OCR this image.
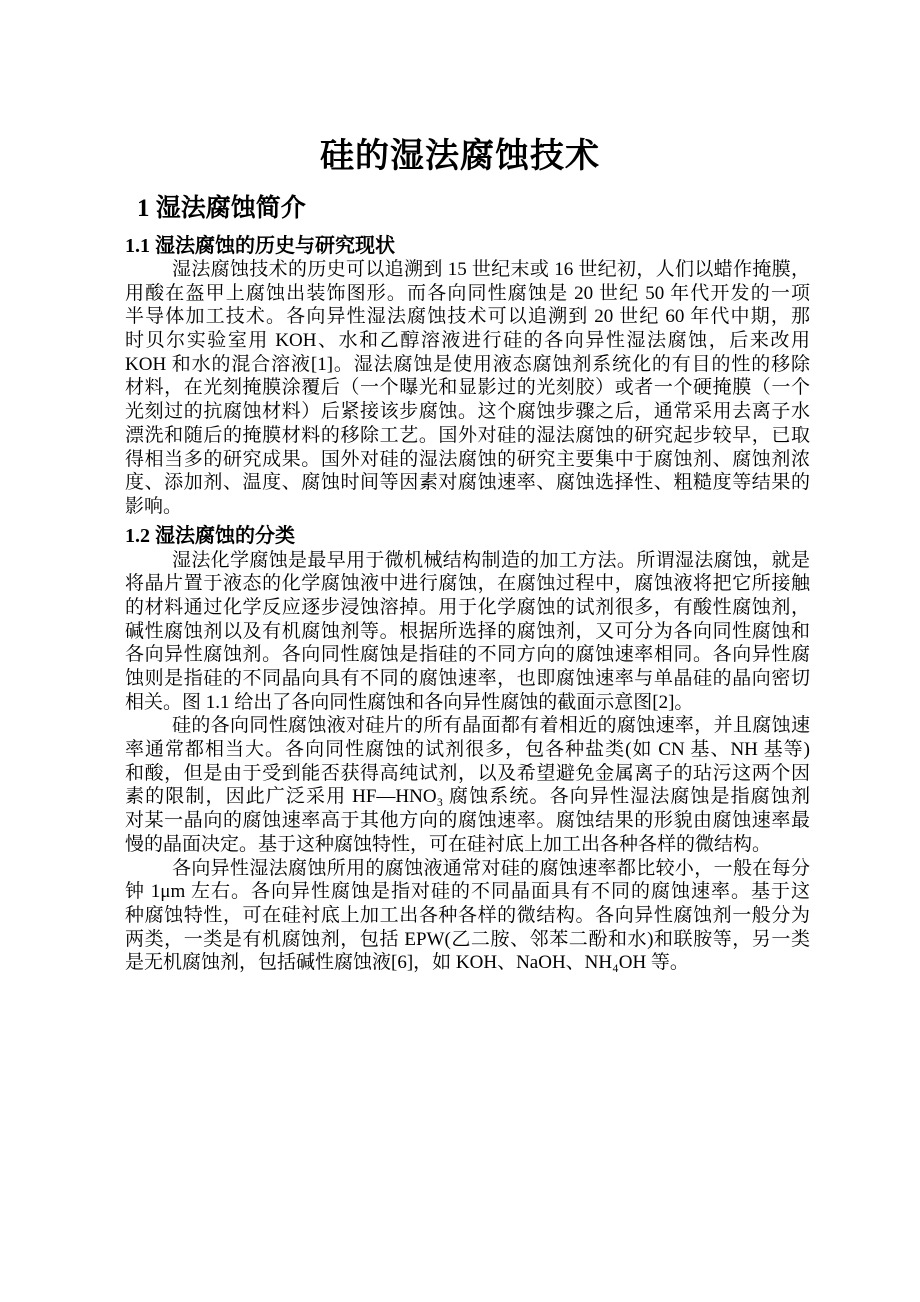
硅的湿法腐蚀技术
1 湿法腐蚀简介
1.1 湿法腐蚀的历史与研究现状
湿法腐蚀技术的历史可以追溯到 15 世纪末或 16 世纪初，人们以蜡作掩膜，
用酸在盔甲上腐蚀出装饰图形。而各向同性腐蚀是 20 世纪 50 年代开发的一项
半导体加工技术。各向异性湿法腐蚀技术可以追溯到 20 世纪 60 年代中期，那
时贝尔实验室用 KOH、水和乙醇溶液进行硅的各向异性湿法腐蚀，后来改用
KOH 和水的混合溶液[1]。湿法腐蚀是使用液态腐蚀剂系统化的有目的性的移除
材料，在光刻掩膜涂覆后（一个曝光和显影过的光刻胶）或者一个硬掩膜（一个
光刻过的抗腐蚀材料）后紧接该步腐蚀。这个腐蚀步骤之后，通常采用去离子水
漂洗和随后的掩膜材料的移除工艺。国外对硅的湿法腐蚀的研究起步较早，已取
得相当多的研究成果。国外对硅的湿法腐蚀的研究主要集中于腐蚀剂、腐蚀剂浓
度、添加剂、温度、腐蚀时间等因素对腐蚀速率、腐蚀选择性、粗糙度等结果的
影响。
1.2 湿法腐蚀的分类
湿法化学腐蚀是最早用于微机械结构制造的加工方法。所谓湿法腐蚀，就是
将晶片置于液态的化学腐蚀液中进行腐蚀，在腐蚀过程中，腐蚀液将把它所接触
的材料通过化学反应逐步浸蚀溶掉。用于化学腐蚀的试剂很多，有酸性腐蚀剂，
碱性腐蚀剂以及有机腐蚀剂等。根据所选择的腐蚀剂，又可分为各向同性腐蚀和
各向异性腐蚀剂。各向同性腐蚀是指硅的不同方向的腐蚀速率相同。各向异性腐
蚀则是指硅的不同晶向具有不同的腐蚀速率，也即腐蚀速率与单晶硅的晶向密切
相关。图 1.1 给出了各向同性腐蚀和各向异性腐蚀的截面示意图[2]。
硅的各向同性腐蚀液对硅片的所有晶面都有着相近的腐蚀速率，并且腐蚀速
率通常都相当大。各向同性腐蚀的试剂很多，包各种盐类(如 CN 基、NH 基等)
和酸，但是由于受到能否获得高纯试剂，以及希望避免金属离子的玷污这两个因
素的限制，因此广泛采用 HF—HNO₃ 腐蚀系统。各向异性湿法腐蚀是指腐蚀剂
对某一晶向的腐蚀速率高于其他方向的腐蚀速率。腐蚀结果的形貌由腐蚀速率最
慢的晶面决定。基于这种腐蚀特性，可在硅衬底上加工出各种各样的微结构。
各向异性湿法腐蚀所用的腐蚀液通常对硅的腐蚀速率都比较小，一般在每分
钟 1μm 左右。各向异性腐蚀是指对硅的不同晶面具有不同的腐蚀速率。基于这
种腐蚀特性，可在硅衬底上加工出各种各样的微结构。各向异性腐蚀剂一般分为
两类，一类是有机腐蚀剂，包括 EPW(乙二胺、邻苯二酚和水)和联胺等，另一类
是无机腐蚀剂，包括碱性腐蚀液[6]，如 KOH、NaOH、NH₄OH 等。
